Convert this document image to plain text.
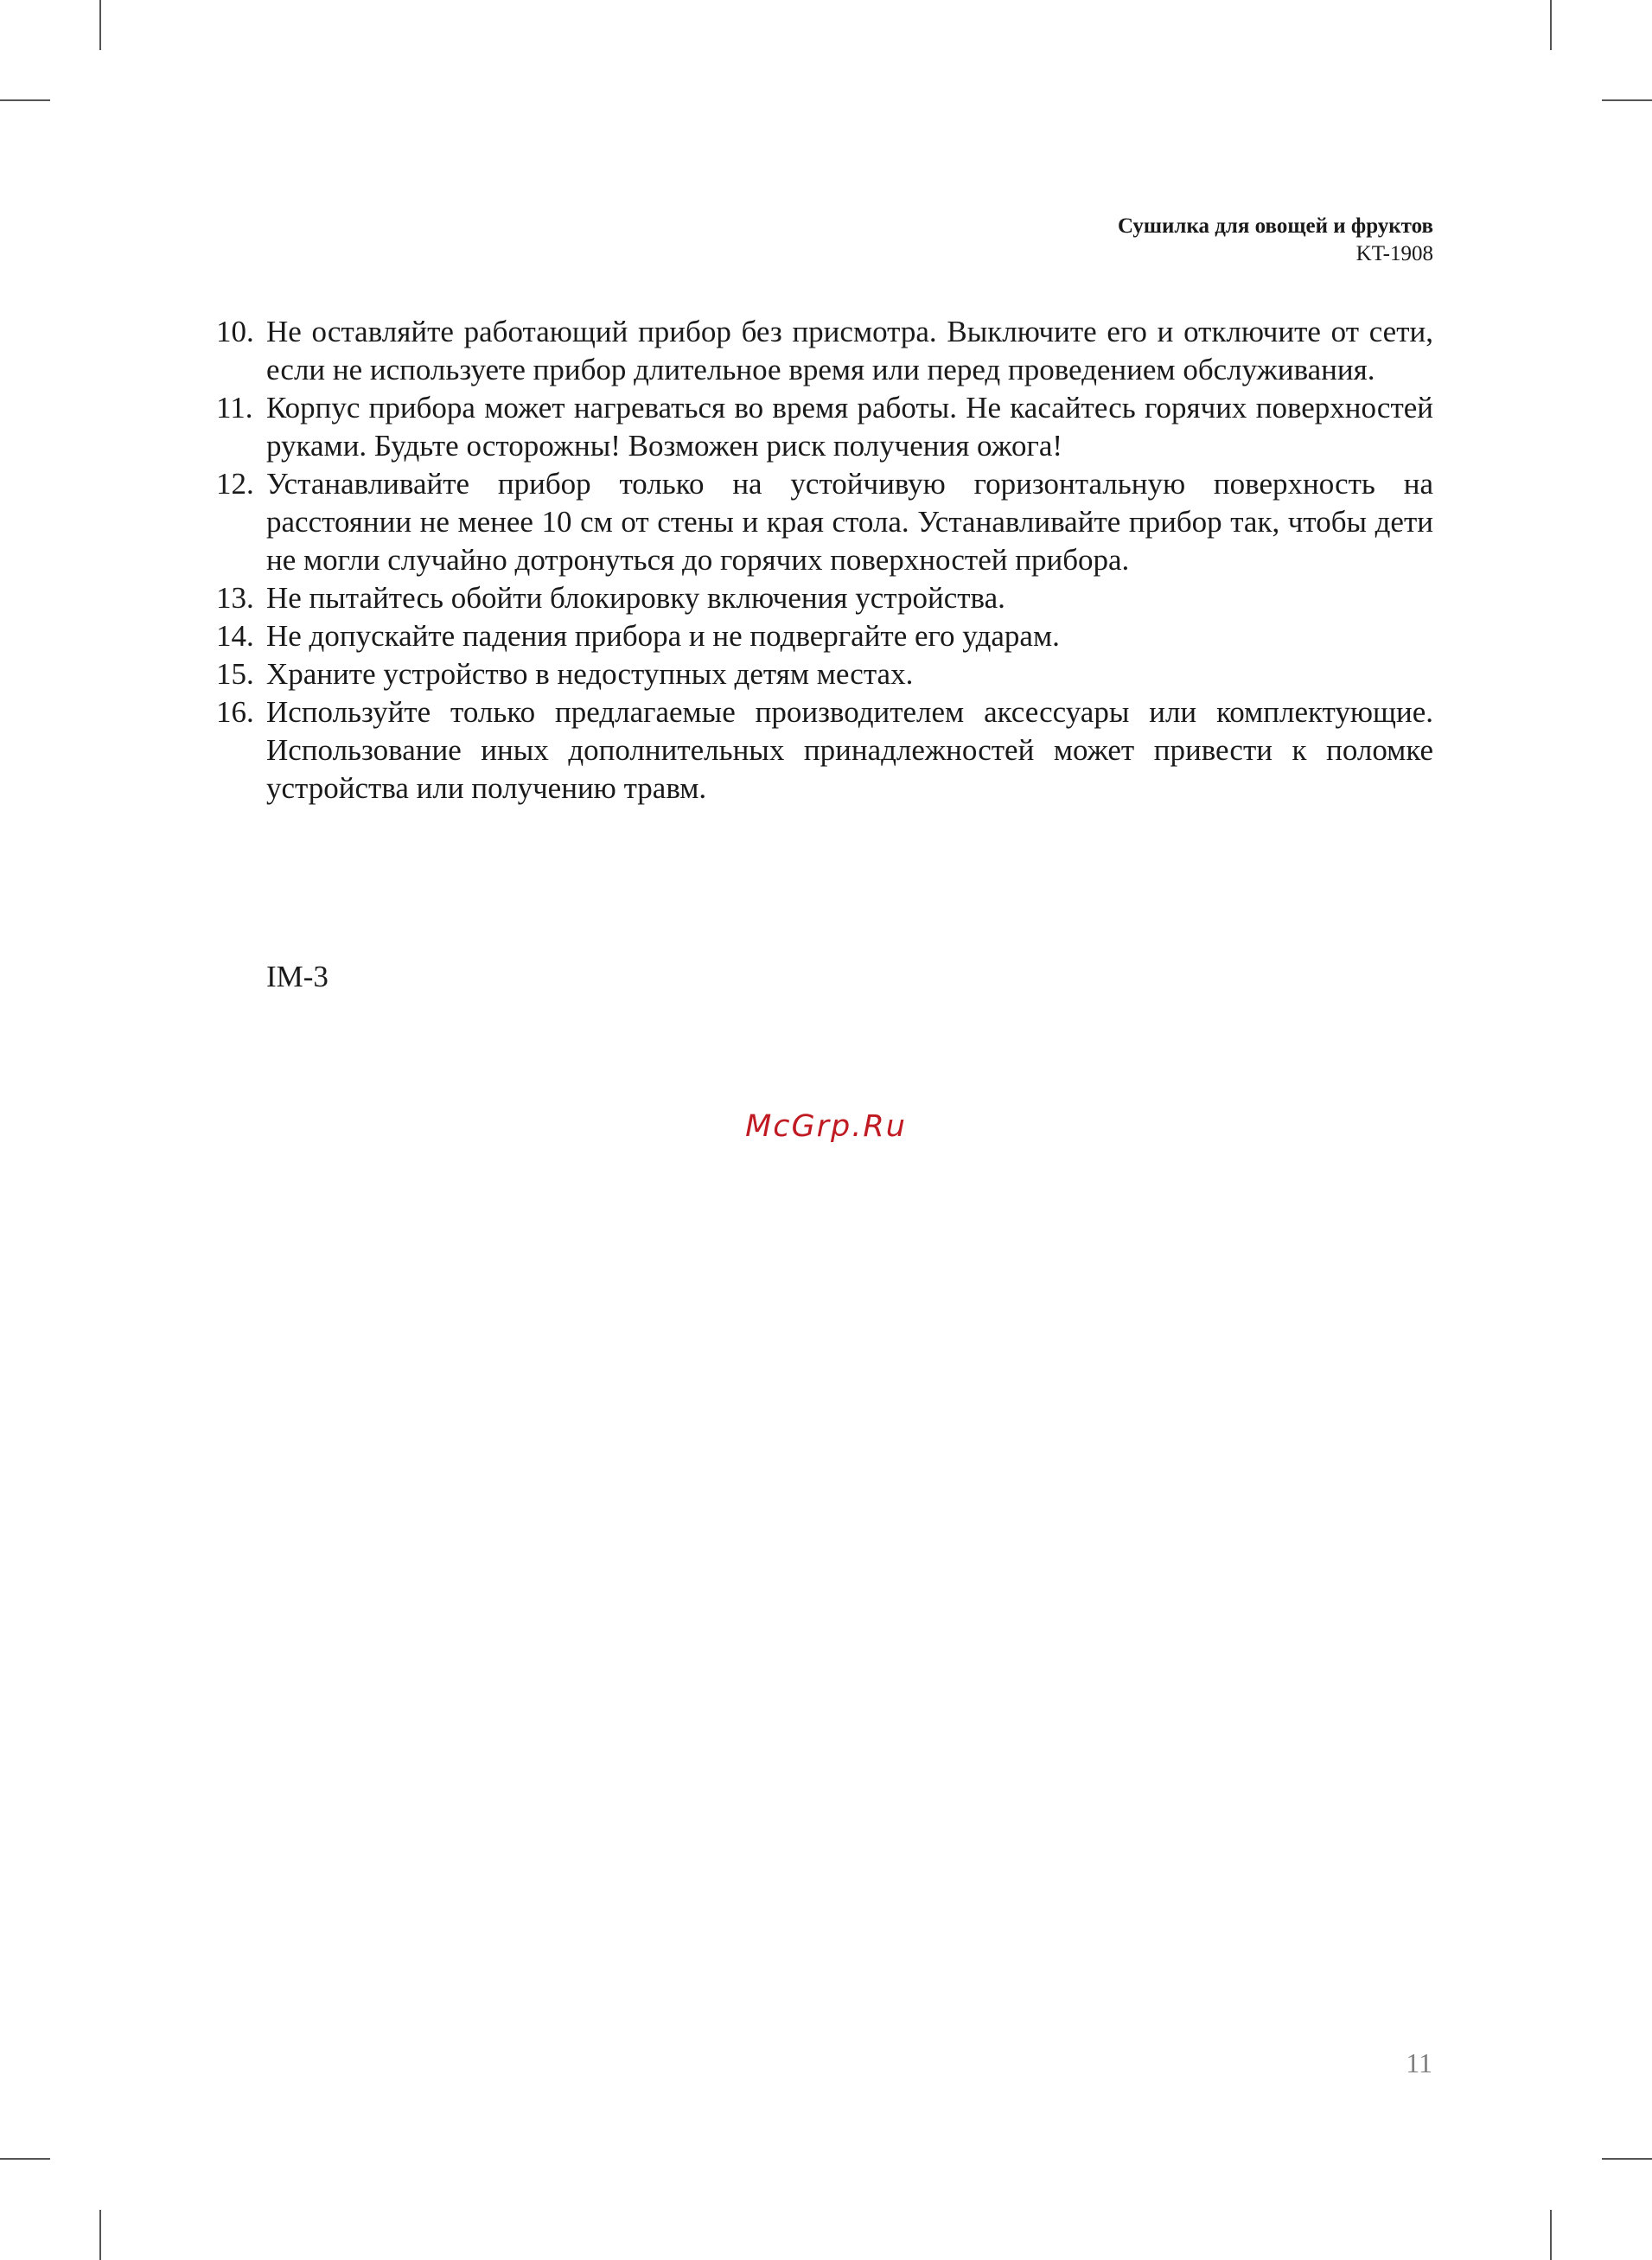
Сушилка для овощей и фруктов
KT-1908
10. Не оставляйте работающий прибор без присмотра. Выключите его и отключите от сети, если не используете прибор длительное время или перед проведением обслуживания.
11. Корпус прибора может нагреваться во время работы. Не касайтесь горячих поверхностей руками. Будьте осторожны! Возможен риск получения ожога!
12. Устанавливайте прибор только на устойчивую горизонтальную поверхность на расстоянии не менее 10 см от стены и края стола. Устанавливайте прибор так, чтобы дети не могли случайно дотронуться до горячих поверхностей прибора.
13. Не пытайтесь обойти блокировку включения устройства.
14. Не допускайте падения прибора и не подвергайте его ударам.
15. Храните устройство в недоступных детям местах.
16. Используйте только предлагаемые производителем аксессуары или комплектующие. Использование иных дополнительных принадлежностей может привести к поломке устройства или получению травм.
IM-3
McGrp.Ru
11
